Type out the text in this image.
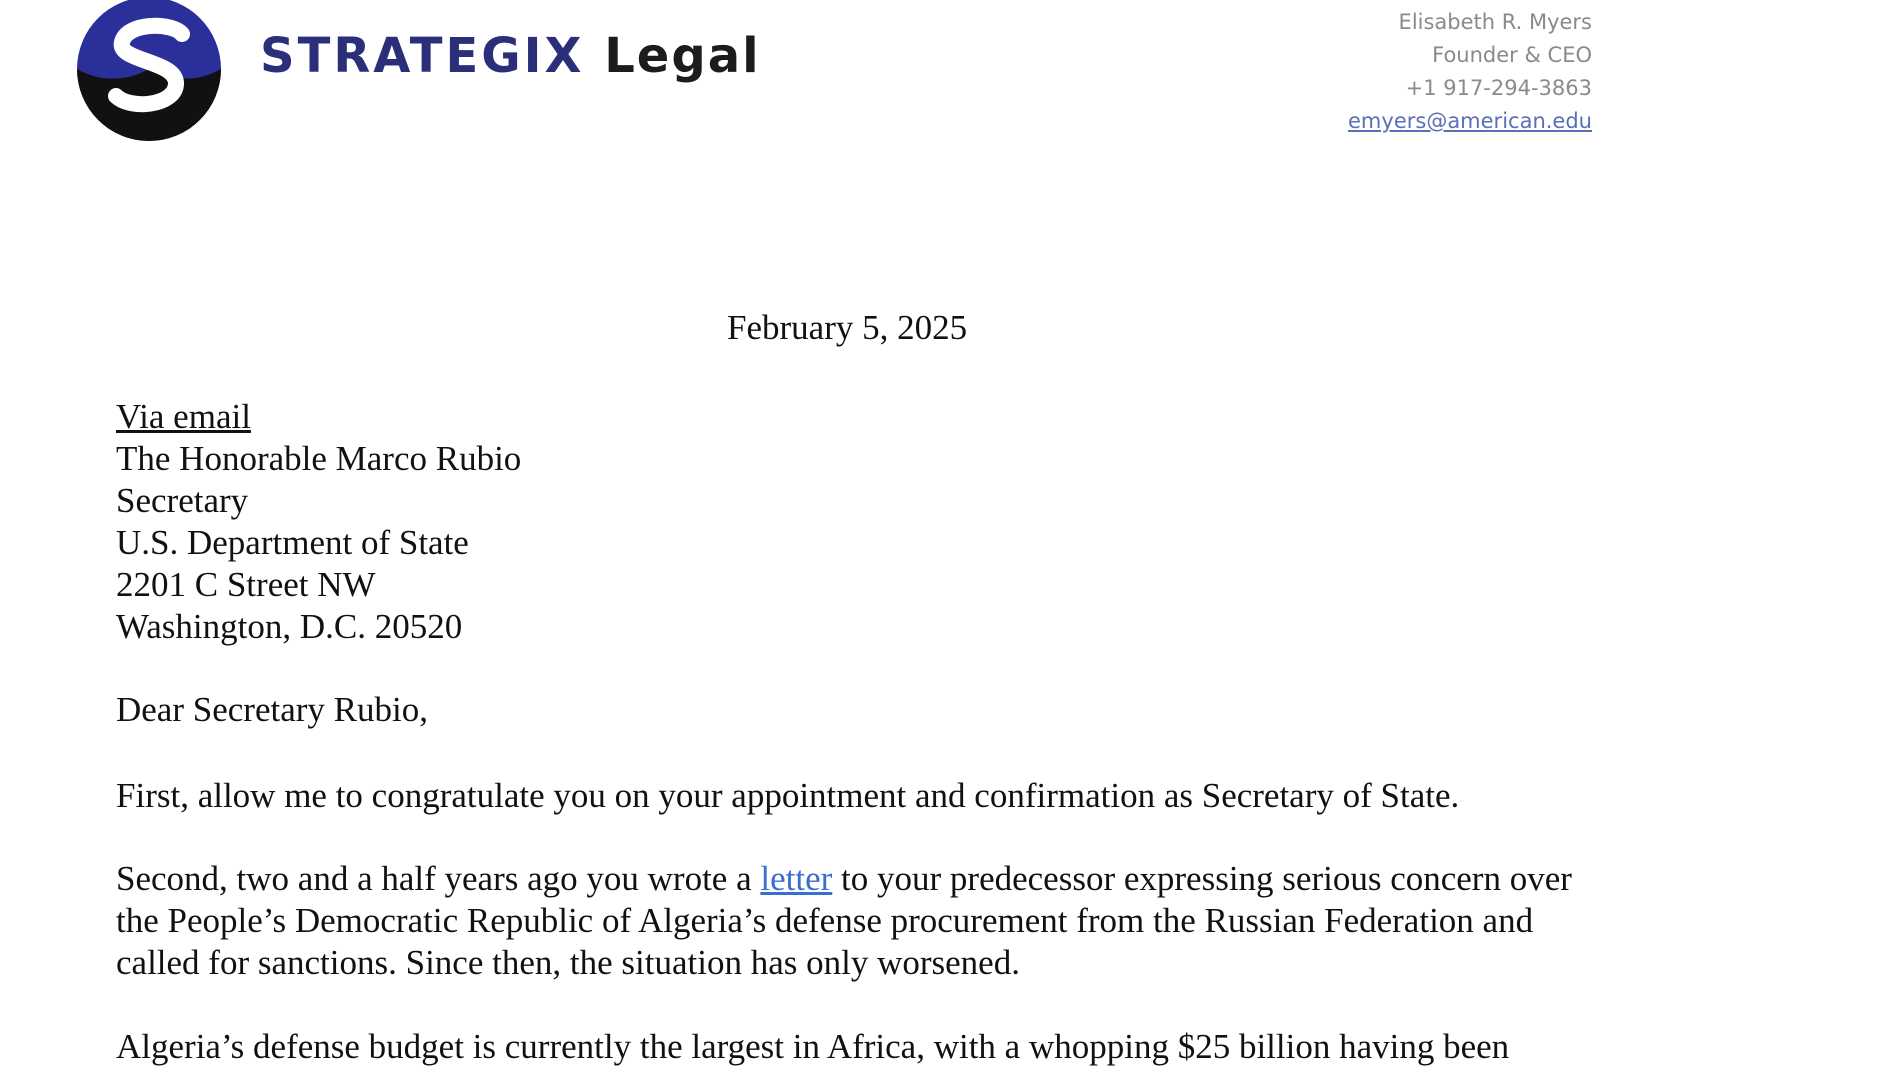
STRATEGIX Legal
Elisabeth R. Myers
Founder & CEO
+1 917-294-3863
emyers@american.edu
February 5, 2025
Via email
The Honorable Marco Rubio
Secretary
U.S. Department of State
2201 C Street NW
Washington, D.C. 20520
Dear Secretary Rubio,
First, allow me to congratulate you on your appointment and confirmation as Secretary of State.
Second, two and a half years ago you wrote a letter to your predecessor expressing serious concern over the People’s Democratic Republic of Algeria’s defense procurement from the Russian Federation and called for sanctions. Since then, the situation has only worsened.
Algeria’s defense budget is currently the largest in Africa, with a whopping $25 billion having been
